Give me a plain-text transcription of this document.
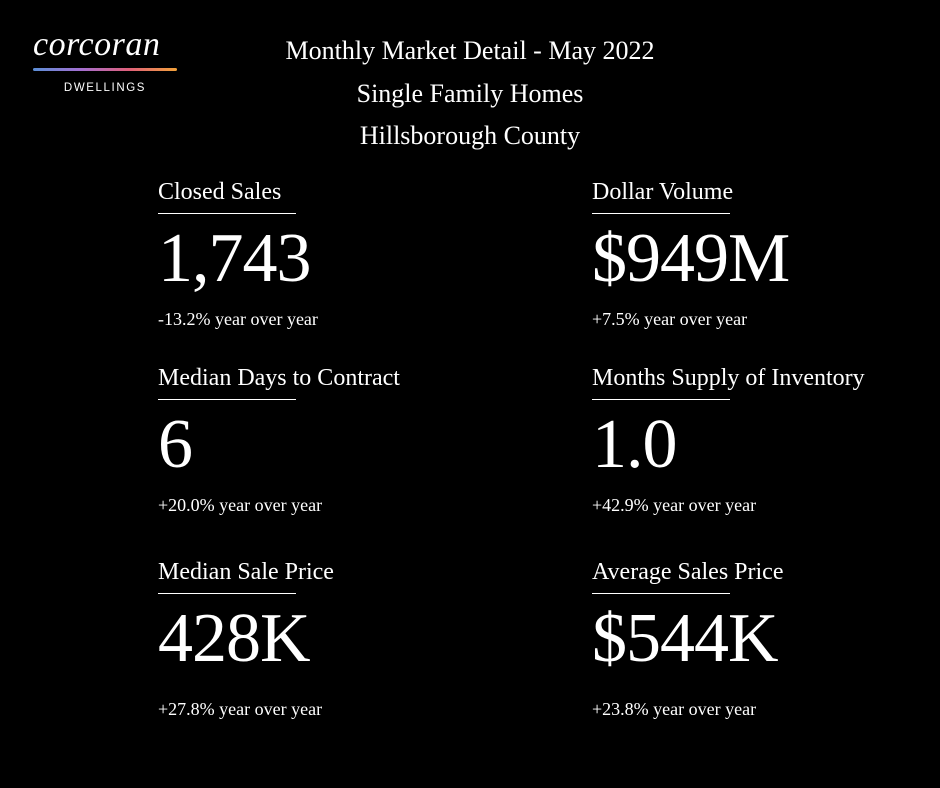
corcoran
DWELLINGS
Monthly Market Detail - May 2022
Single Family Homes
Hillsborough County
Closed Sales
1,743
-13.2% year over year
Dollar Volume
$949M
+7.5% year over year
Median Days to Contract
6
+20.0% year over year
Months Supply of Inventory
1.0
+42.9% year over year
Median Sale Price
428K
+27.8% year over year
Average Sales Price
$544K
+23.8% year over year
